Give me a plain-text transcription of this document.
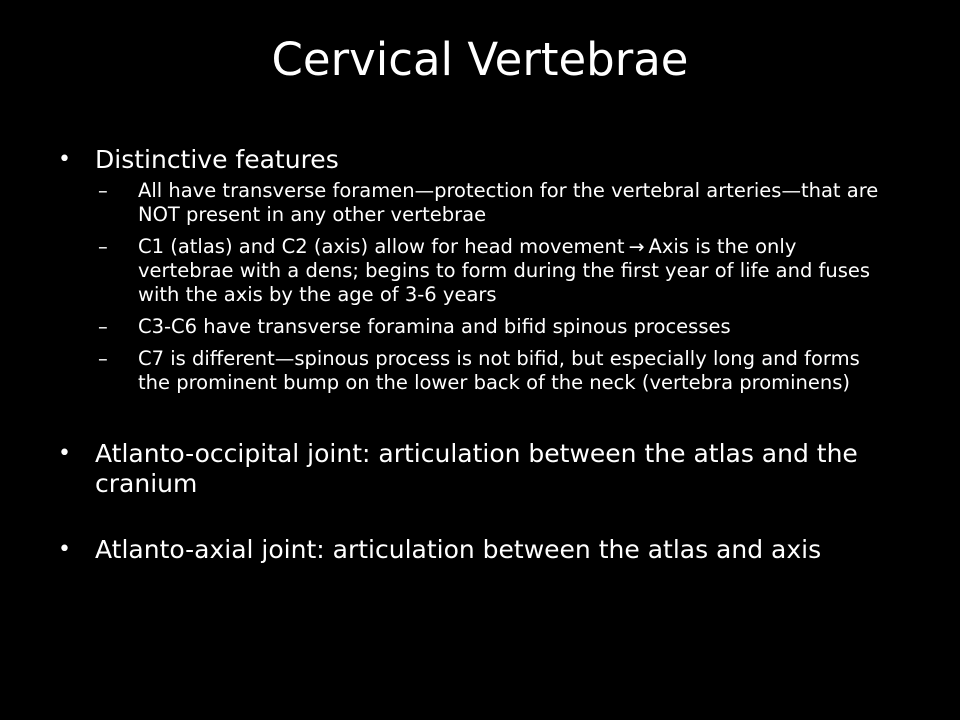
Cervical Vertebrae
• Distinctive features
– All have transverse foramen—protection for the vertebral arteries—that are NOT present in any other vertebrae
– C1 (atlas) and C2 (axis) allow for head movement → Axis is the only vertebrae with a dens; begins to form during the first year of life and fuses with the axis by the age of 3-6 years
– C3-C6 have transverse foramina and bifid spinous processes
– C7 is different—spinous process is not bifid, but especially long and forms the prominent bump on the lower back of the neck (vertebra prominens)
• Atlanto-occipital joint: articulation between the atlas and the cranium
• Atlanto-axial joint: articulation between the atlas and axis
